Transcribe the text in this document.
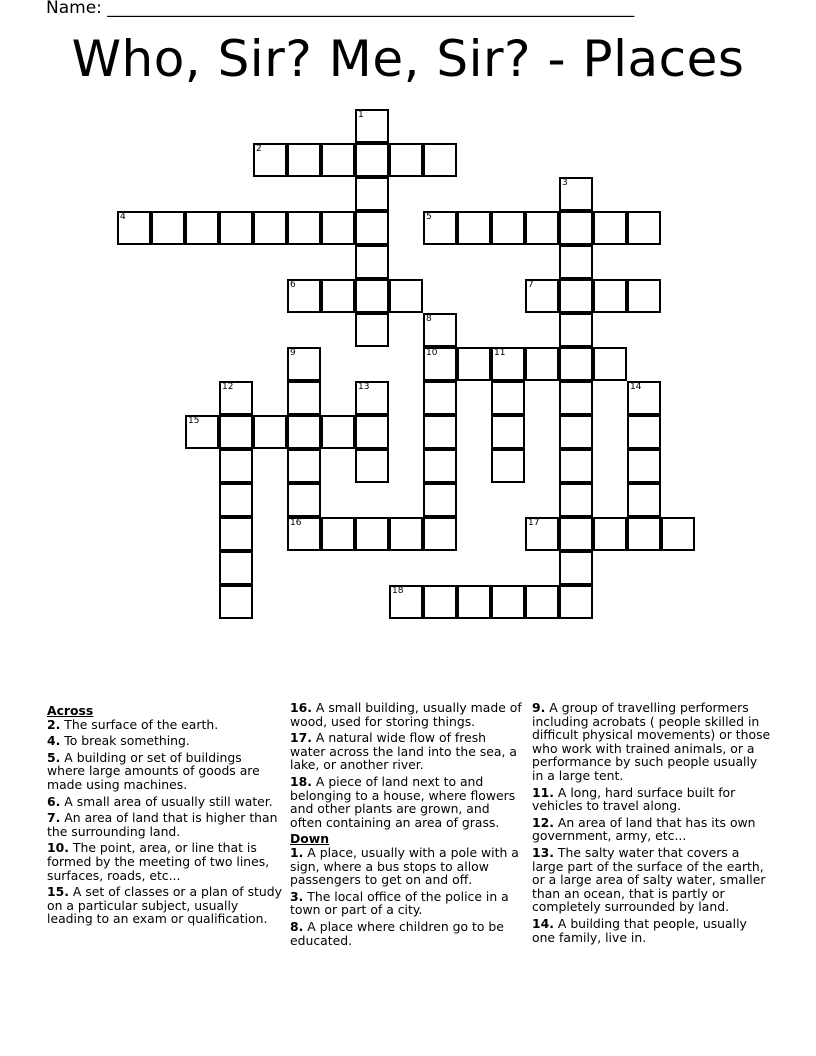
Name: ______________________________________________________________
Who, Sir? Me, Sir? - Places
1
2
3
4	5
6	7
8
10
9	11
12	13	14
15
16	17
18
Across
2. The surface of the earth.
4. To break something.
5. A building or set of buildings where large amounts of goods are made using machines.
6. A small area of usually still water.
7. An area of land that is higher than the surrounding land.
10. The point, area, or line that is formed by the meeting of two lines, surfaces, roads, etc...
15. A set of classes or a plan of study on a particular subject, usually leading to an exam or qualification.
16. A small building, usually made of wood, used for storing things.
17. A natural wide flow of fresh water across the land into the sea, a lake, or another river.
18. A piece of land next to and belonging to a house, where flowers and other plants are grown, and often containing an area of grass.
Down
1. A place, usually with a pole with a sign, where a bus stops to allow passengers to get on and off.
3. The local office of the police in a town or part of a city.
8. A place where children go to be educated.
9. A group of travelling performers including acrobats ( people skilled in difficult physical movements) or those who work with trained animals, or a performance by such people usually in a large tent.
11. A long, hard surface built for vehicles to travel along.
12. An area of land that has its own government, army, etc...
13. The salty water that covers a large part of the surface of the earth, or a large area of salty water, smaller than an ocean, that is partly or completely surrounded by land.
14. A building that people, usually one family, live in.
